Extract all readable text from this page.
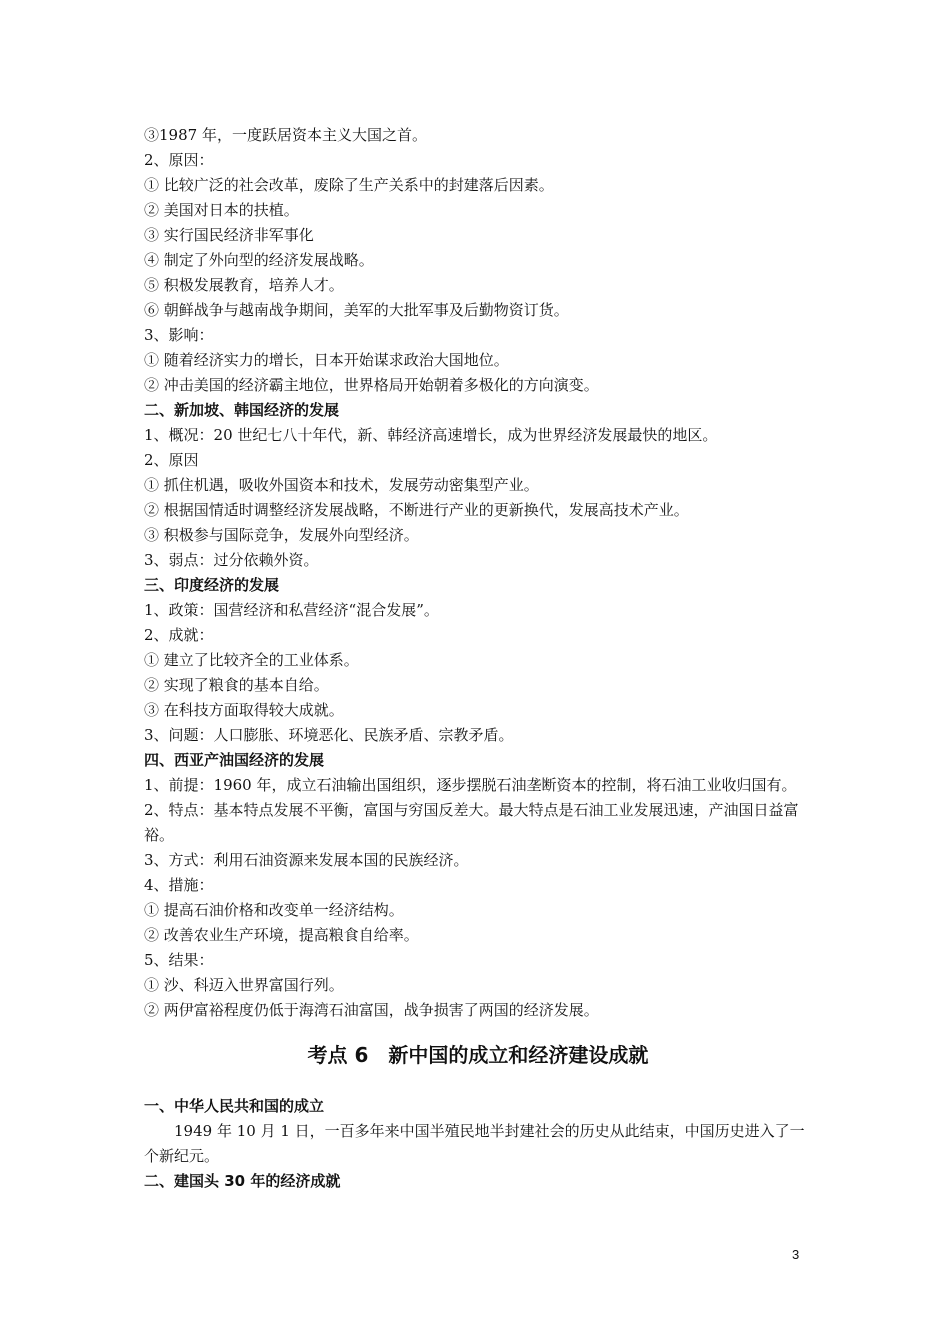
③1987 年，一度跃居资本主义大国之首。

2、原因：

① 比较广泛的社会改革，废除了生产关系中的封建落后因素。

② 美国对日本的扶植。

③ 实行国民经济非军事化

④ 制定了外向型的经济发展战略。

⑤ 积极发展教育，培养人才。

⑥ 朝鲜战争与越南战争期间，美军的大批军事及后勤物资订货。

3、影响：

① 随着经济实力的增长，日本开始谋求政治大国地位。

② 冲击美国的经济霸主地位，世界格局开始朝着多极化的方向演变。

二、新加坡、韩国经济的发展

1、概况：20 世纪七八十年代，新、韩经济高速增长，成为世界经济发展最快的地区。

2、原因

① 抓住机遇，吸收外国资本和技术，发展劳动密集型产业。

② 根据国情适时调整经济发展战略，不断进行产业的更新换代，发展高技术产业。

③ 积极参与国际竞争，发展外向型经济。

3、弱点：过分依赖外资。

三、印度经济的发展

1、政策：国营经济和私营经济“混合发展”。

2、成就：

① 建立了比较齐全的工业体系。

② 实现了粮食的基本自给。

③ 在科技方面取得较大成就。

3、问题：人口膨胀、环境恶化、民族矛盾、宗教矛盾。

四、西亚产油国经济的发展

1、前提：1960 年，成立石油输出国组织，逐步摆脱石油垄断资本的控制，将石油工业收归国有。

2、特点：基本特点发展不平衡，富国与穷国反差大。最大特点是石油工业发展迅速，产油国日益富裕。

3、方式：利用石油资源来发展本国的民族经济。

4、措施：

① 提高石油价格和改变单一经济结构。

② 改善农业生产环境，提高粮食自给率。

5、结果：

① 沙、科迈入世界富国行列。

② 两伊富裕程度仍低于海湾石油富国，战争损害了两国的经济发展。

考点 6　新中国的成立和经济建设成就

一、中华人民共和国的成立

1949 年 10 月 1 日，一百多年来中国半殖民地半封建社会的历史从此结束，中国历史进入了一个新纪元。

二、建国头 30 年的经济成就

3
